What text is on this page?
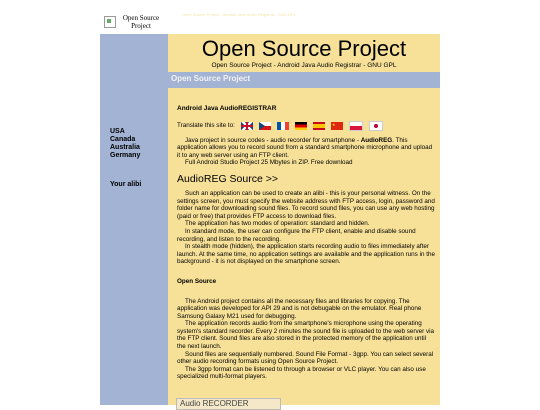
Open Source Project
Open Source Project - Android Java Audio Registrar - GNU GPL
USA
Canada
Australia
Germany
Your alibi
Open Source Project
Open Source Project - Android Java Audio Registrar - GNU GPL
Open Source Project
Android Java AudioREGISTRAR
Translate this site to:
★
Java project in source codes - audio recorder for smartphone - AudioREG. This application allows you to record sound from a standard smartphone microphone and upload it to any web server using an FTP client.
Full Android Studio Project 25 Mbytes in ZIP. Free download
AudioREG Source >>
Such an application can be used to create an alibi - this is your personal witness. On the settings screen, you must specify the website address with FTP access, login, password and folder name for downloading sound files. To record sound files, you can use any web hosting (paid or free) that provides FTP access to download files.
The application has two modes of operation: standard and hidden.
In standard mode, the user can configure the FTP client, enable and disable sound recording, and listen to the recording.
In stealth mode (hidden), the application starts recording audio to files immediately after launch. At the same time, no application settings are available and the application runs in the background - it is not displayed on the smartphone screen.
Open Source
The Android project contains all the necessary files and libraries for copying. The application was developed for API 29 and is not debugable on the emulator. Real phone Samsung Galaxy M21 used for debugging.
The application records audio from the smartphone's microphone using the operating system's standard recorder. Every 2 minutes the sound file is uploaded to the web server via the FTP client. Sound files are also stored in the protected memory of the application until the next launch.
Sound files are sequentially numbered. Sound File Format - 3gpp. You can select several other audio recording formats using Open Source Project.
The 3gpp format can be listened to through a browser or VLC player. You can also use specialized multi-format players.
Audio RECORDER
